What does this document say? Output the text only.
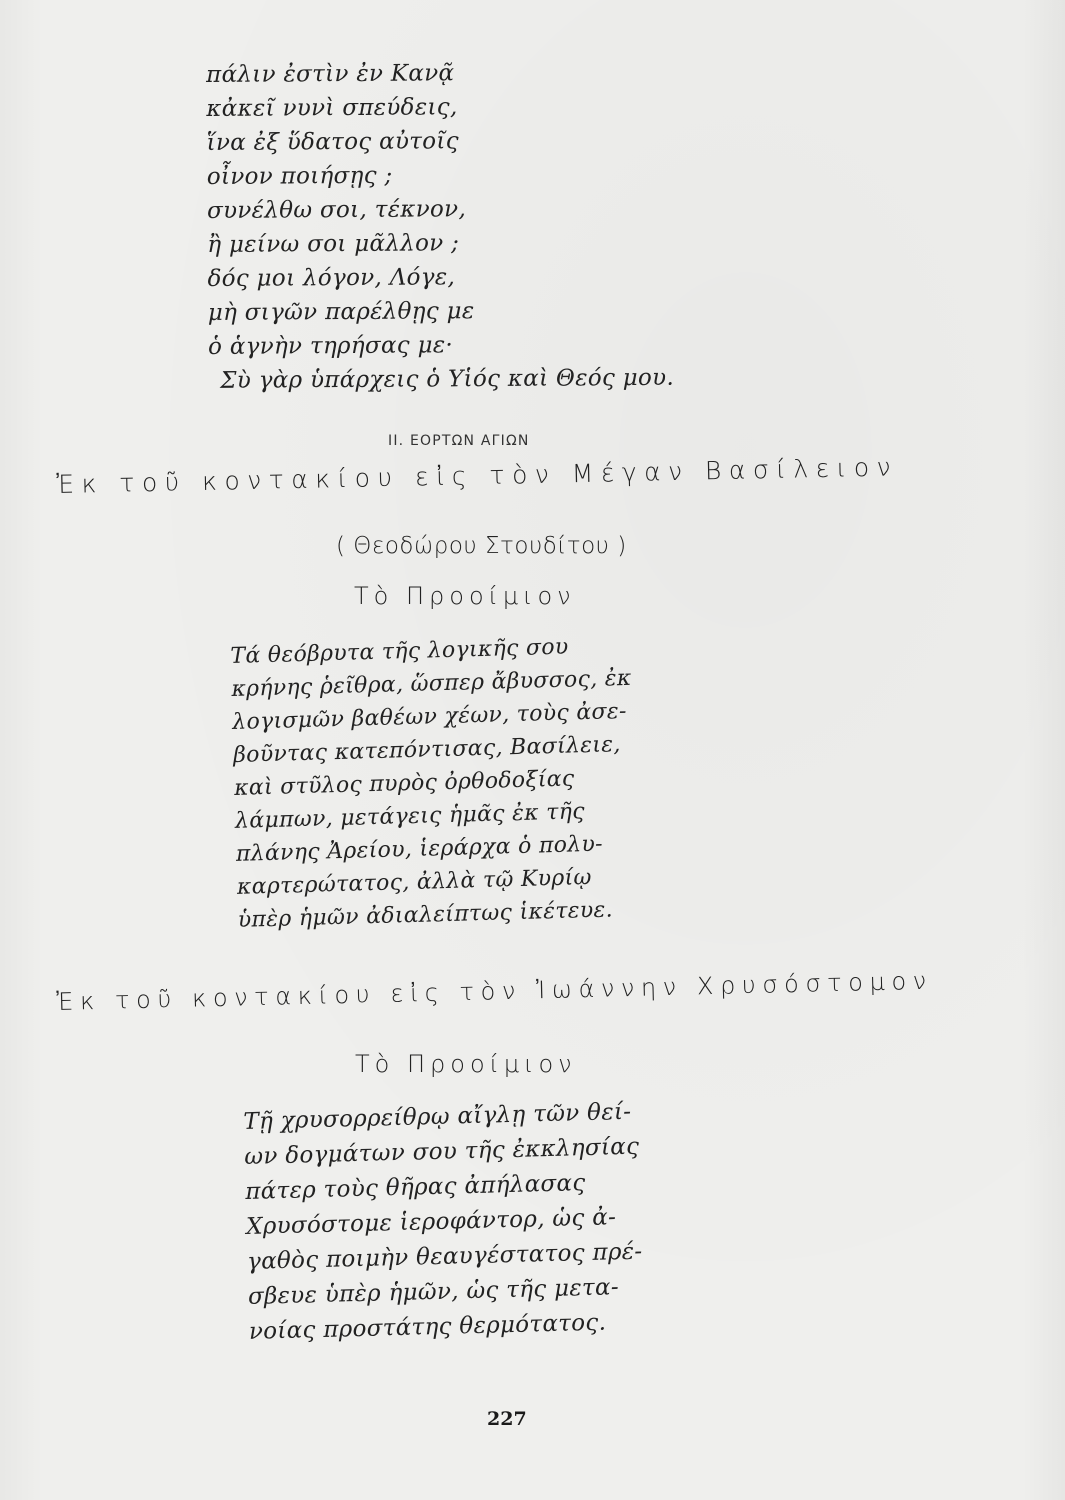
πάλιν ἐστὶν ἐν Κανᾷ
κἀκεῖ νυνὶ σπεύδεις,
ἵνα ἐξ ὕδατος αὐτοῖς
οἶνον ποιήσῃς ;
συνέλθω σοι, τέκνον,
ἢ μείνω σοι μᾶλλον ;
δός μοι λόγον, Λόγε,
μὴ σιγῶν παρέλθῃς με
ὁ ἁγνὴν τηρήσας με·
Σὺ γὰρ ὑπάρχεις ὁ Υἱός καὶ Θεός μου.
II. ΕΟΡΤΩΝ ΑΓΙΩΝ
Ἐκ τοῦ κοντακίου εἰς τὸν Μέγαν Βασίλειον
( Θεοδώρου Στουδίτου )
Τὸ Προοίμιον
Τά θεόβρυτα τῆς λογικῆς σου
κρήνης ῥεῖθρα, ὥσπερ ἄβυσσος, ἐκ
λογισμῶν βαθέων χέων, τοὺς ἀσε-
βοῦντας κατεπόντισας, Βασίλειε,
καὶ στῦλος πυρὸς ὀρθοδοξίας
λάμπων, μετάγεις ἡμᾶς ἐκ τῆς
πλάνης Ἀρείου, ἱεράρχα ὁ πολυ-
καρτερώτατος, ἀλλὰ τῷ Κυρίῳ
ὑπὲρ ἡμῶν ἀδιαλείπτως ἱκέτευε.
Ἐκ τοῦ κοντακίου εἰς τὸν Ἰωάννην Χρυσόστομον
Τὸ Προοίμιον
Τῇ χρυσορρείθρῳ αἴγλῃ τῶν θεί-
ων δογμάτων σου τῆς ἐκκλησίας
πάτερ τοὺς θῆρας ἀπήλασας
Χρυσόστομε ἱεροφάντορ, ὡς ἀ-
γαθὸς ποιμὴν θεαυγέστατος πρέ-
σβευε ὑπὲρ ἡμῶν, ὡς τῆς μετα-
νοίας προστάτης θερμότατος.
227
